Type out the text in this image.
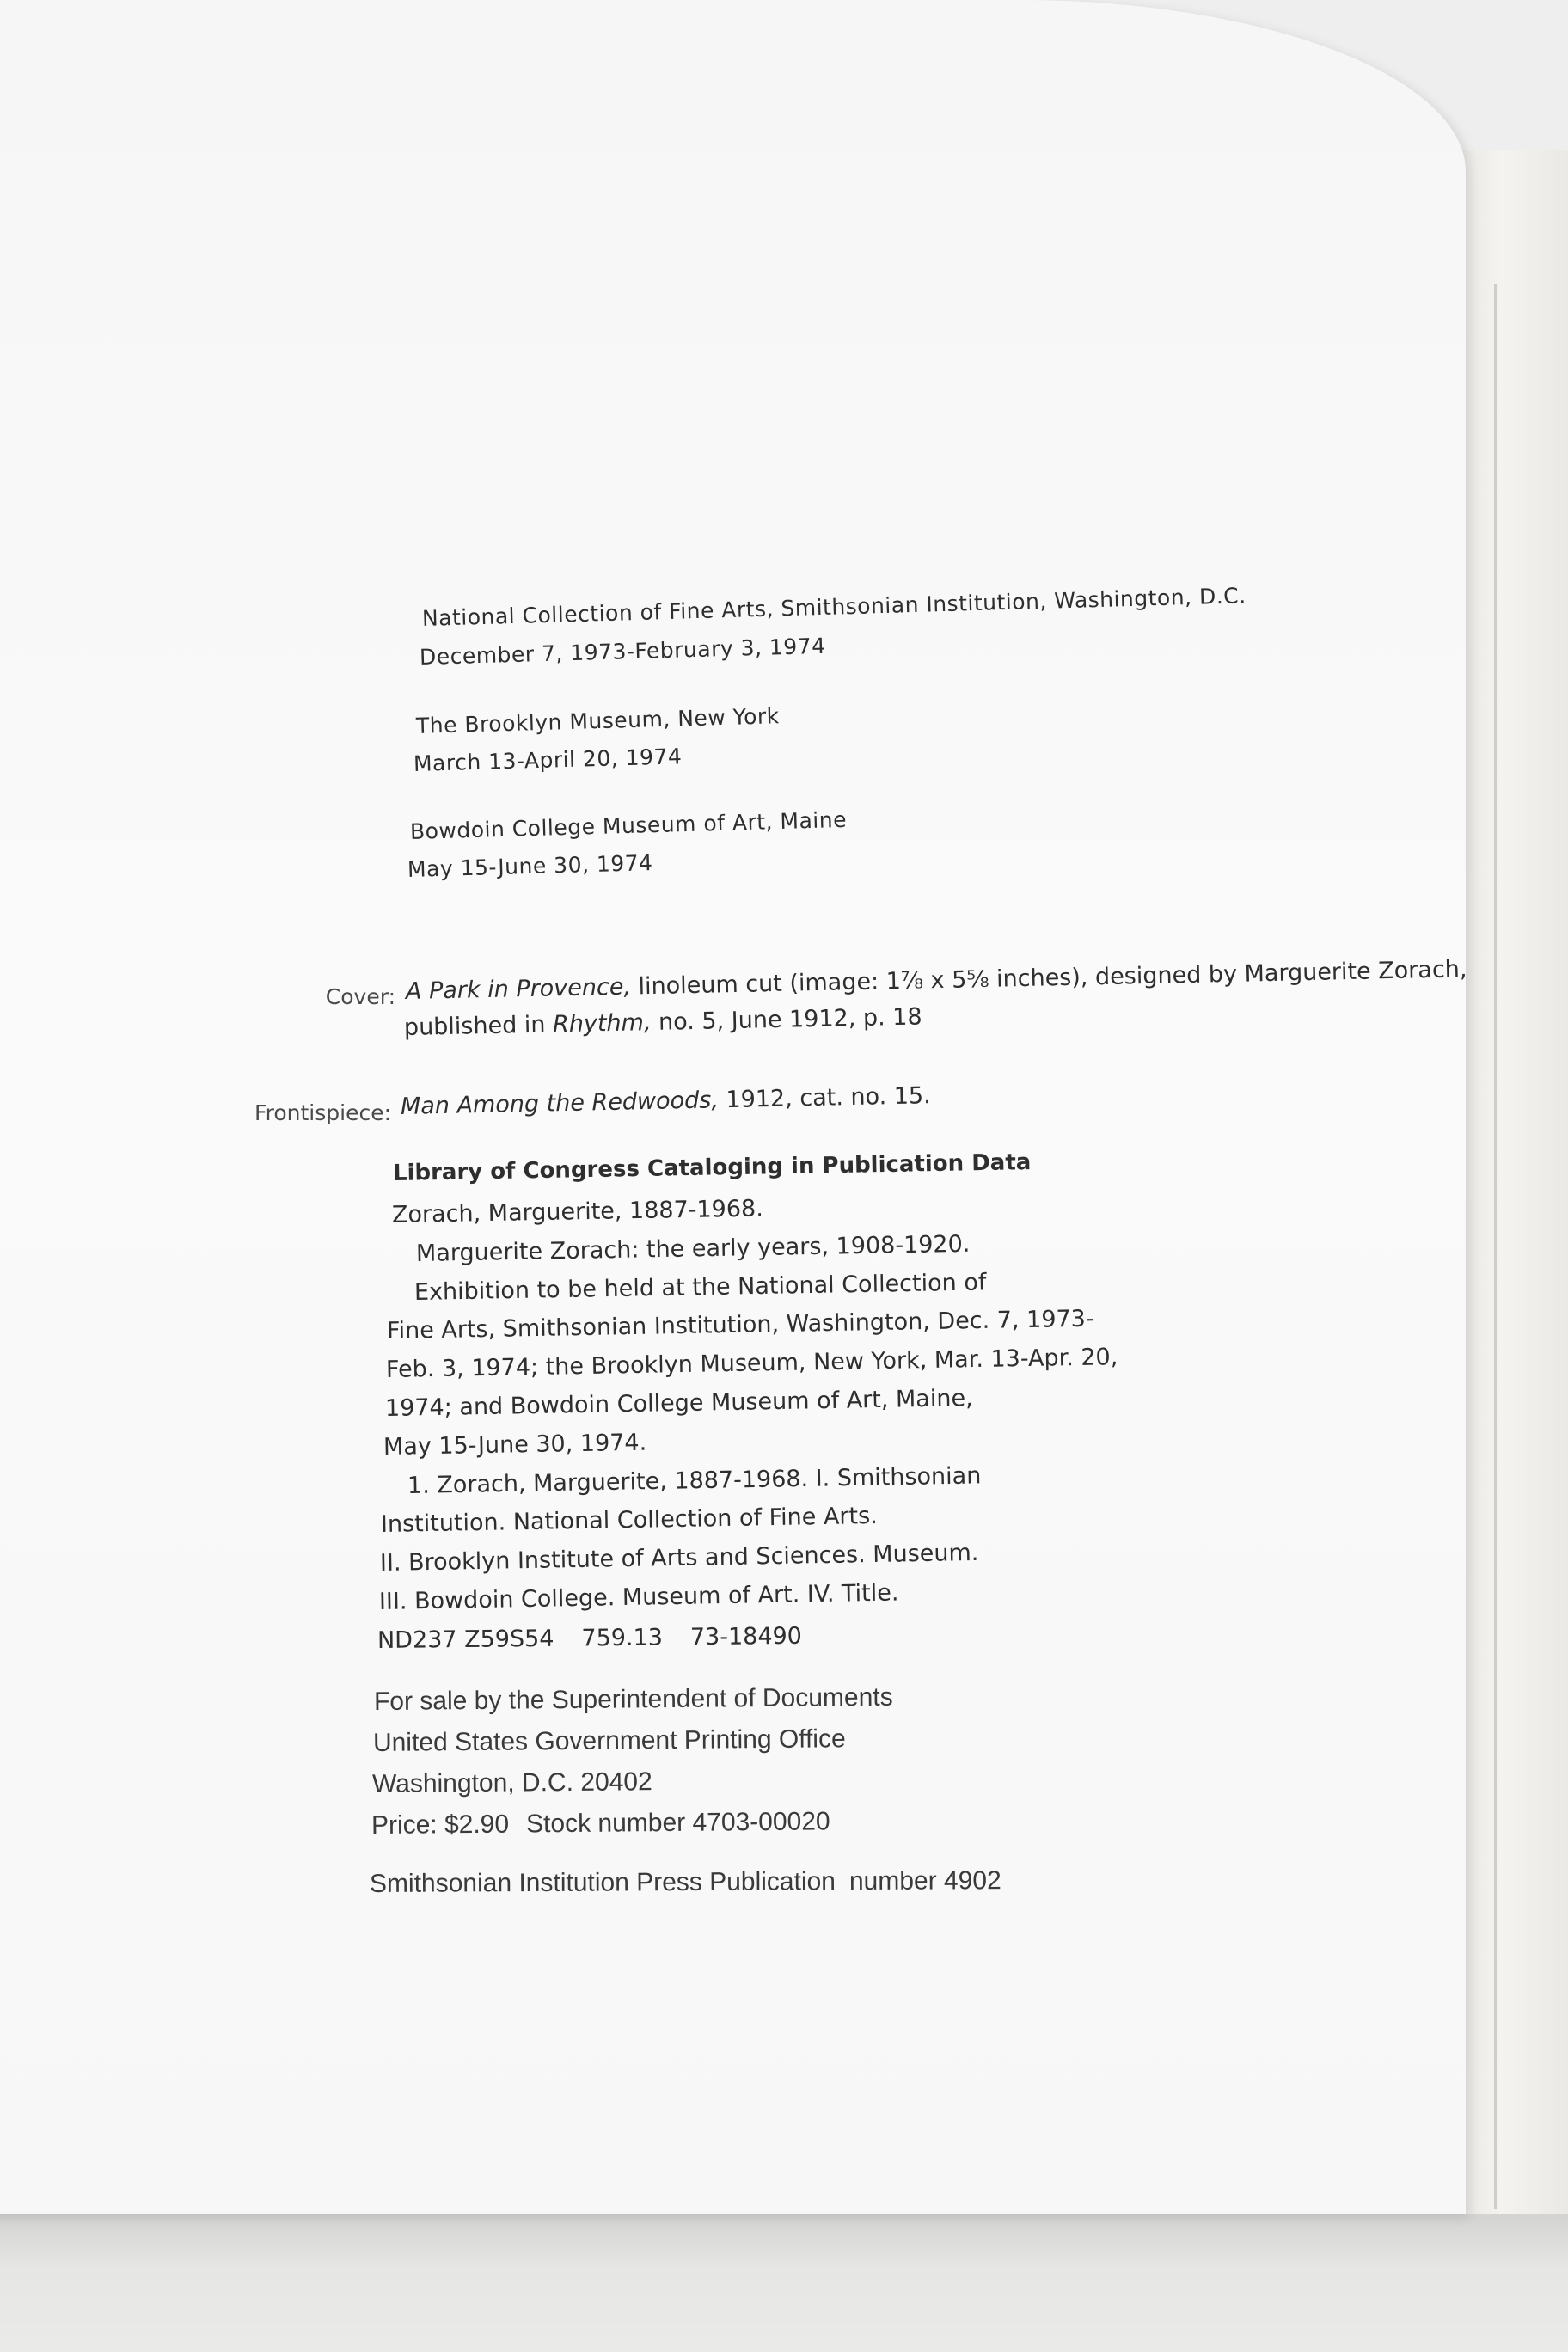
National Collection of Fine Arts, Smithsonian Institution, Washington, D.C.
December 7, 1973-February 3, 1974
The Brooklyn Museum, New York
March 13-April 20, 1974
Bowdoin College Museum of Art, Maine
May 15-June 30, 1974
Cover: A Park in Provence, linoleum cut (image: 1⅞ x 5⅝ inches), designed by Marguerite Zorach,
published in Rhythm, no. 5, June 1912, p. 18
Frontispiece: Man Among the Redwoods, 1912, cat. no. 15.
Library of Congress Cataloging in Publication Data
Zorach, Marguerite, 1887-1968.
Marguerite Zorach: the early years, 1908-1920.
Exhibition to be held at the National Collection of
Fine Arts, Smithsonian Institution, Washington, Dec. 7, 1973-
Feb. 3, 1974; the Brooklyn Museum, New York, Mar. 13-Apr. 20,
1974; and Bowdoin College Museum of Art, Maine,
May 15-June 30, 1974.
1. Zorach, Marguerite, 1887-1968. I. Smithsonian
Institution. National Collection of Fine Arts.
II. Brooklyn Institute of Arts and Sciences. Museum.
III. Bowdoin College. Museum of Art. IV. Title.
ND237 Z59S54 759.13 73-18490
For sale by the Superintendent of Documents
United States Government Printing Office
Washington, D.C. 20402
Price: $2.90 Stock number 4703-00020
Smithsonian Institution Press Publication number 4902
